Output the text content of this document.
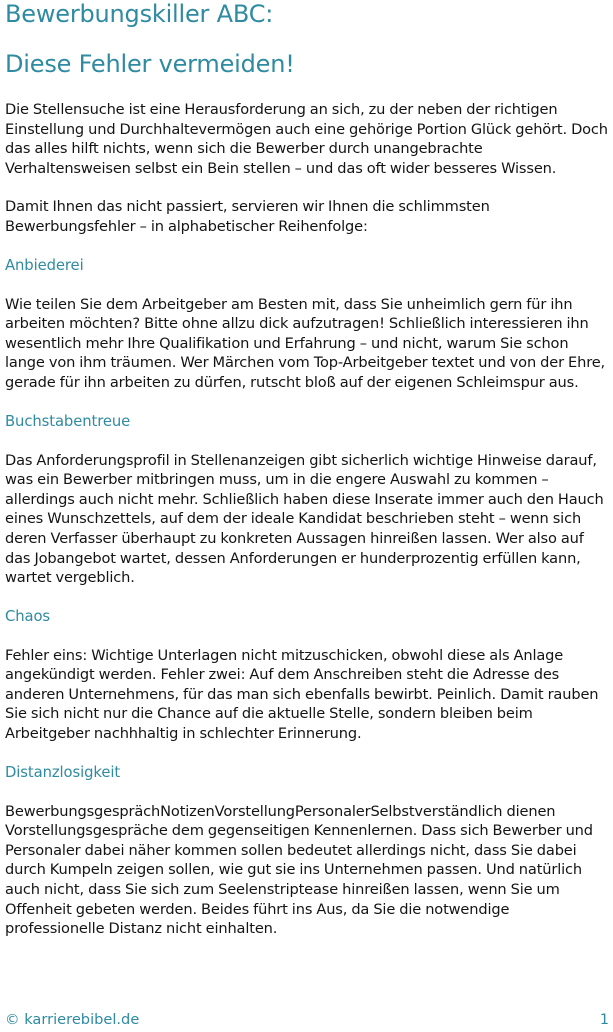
Bewerbungskiller ABC:
Diese Fehler vermeiden!

Die Stellensuche ist eine Herausforderung an sich, zu der neben der richtigen Einstellung und Durchhaltevermögen auch eine gehörige Portion Glück gehört. Doch das alles hilft nichts, wenn sich die Bewerber durch unangebrachte Verhaltensweisen selbst ein Bein stellen – und das oft wider besseres Wissen.

Damit Ihnen das nicht passiert, servieren wir Ihnen die schlimmsten Bewerbungsfehler – in alphabetischer Reihenfolge:

Anbiederei

Wie teilen Sie dem Arbeitgeber am Besten mit, dass Sie unheimlich gern für ihn arbeiten möchten? Bitte ohne allzu dick aufzutragen! Schließlich interessieren ihn wesentlich mehr Ihre Qualifikation und Erfahrung – und nicht, warum Sie schon lange von ihm träumen. Wer Märchen vom Top-Arbeitgeber textet und von der Ehre, gerade für ihn arbeiten zu dürfen, rutscht bloß auf der eigenen Schleimspur aus.

Buchstabentreue

Das Anforderungsprofil in Stellenanzeigen gibt sicherlich wichtige Hinweise darauf, was ein Bewerber mitbringen muss, um in die engere Auswahl zu kommen – allerdings auch nicht mehr. Schließlich haben diese Inserate immer auch den Hauch eines Wunschzettels, auf dem der ideale Kandidat beschrieben steht – wenn sich deren Verfasser überhaupt zu konkreten Aussagen hinreißen lassen. Wer also auf das Jobangebot wartet, dessen Anforderungen er hunderprozentig erfüllen kann, wartet vergeblich.

Chaos

Fehler eins: Wichtige Unterlagen nicht mitzuschicken, obwohl diese als Anlage angekündigt werden. Fehler zwei: Auf dem Anschreiben steht die Adresse des anderen Unternehmens, für das man sich ebenfalls bewirbt. Peinlich. Damit rauben Sie sich nicht nur die Chance auf die aktuelle Stelle, sondern bleiben beim Arbeitgeber nachhhaltig in schlechter Erinnerung.

Distanzlosigkeit

BewerbungsgesprächNotizenVorstellungPersonalerSelbstverständlich dienen Vorstellungsgespräche dem gegenseitigen Kennenlernen. Dass sich Bewerber und Personaler dabei näher kommen sollen bedeutet allerdings nicht, dass Sie dabei durch Kumpeln zeigen sollen, wie gut sie ins Unternehmen passen. Und natürlich auch nicht, dass Sie sich zum Seelenstriptease hinreißen lassen, wenn Sie um Offenheit gebeten werden. Beides führt ins Aus, da Sie die notwendige professionelle Distanz nicht einhalten.

© karrierebibel.de	1
